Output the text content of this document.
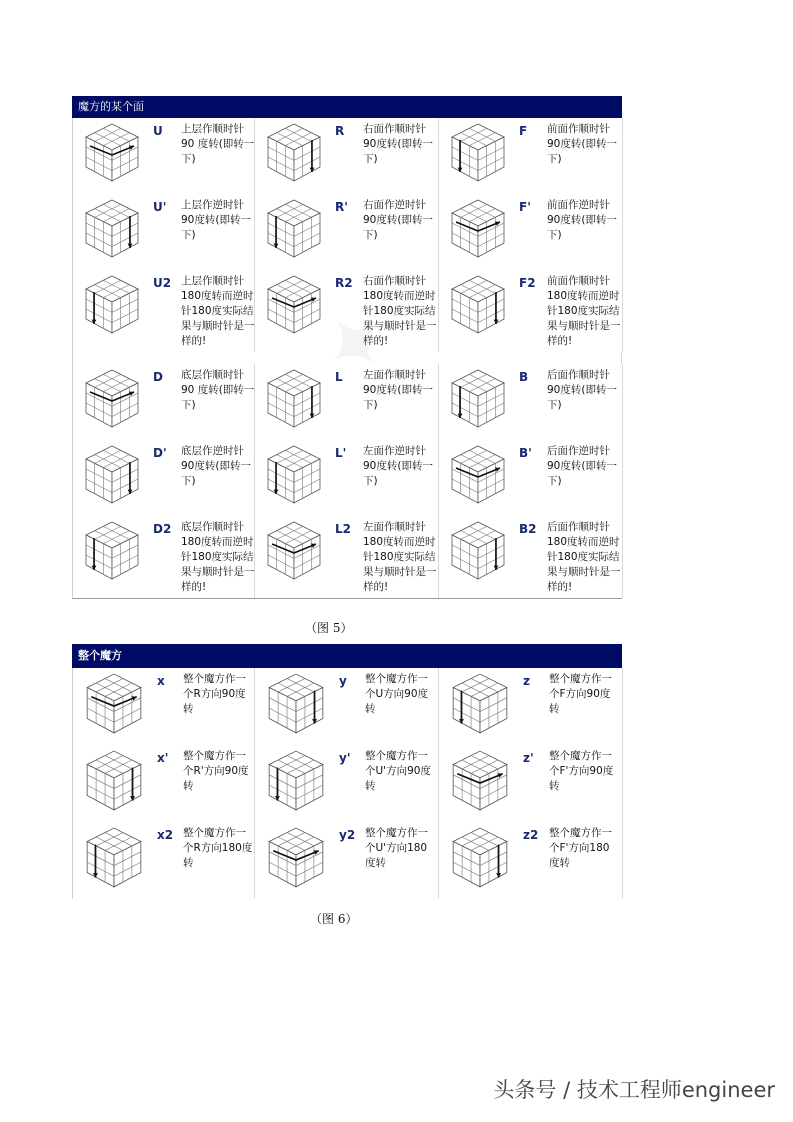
魔方的某个面
U 上层作顺时针90 度转(即转一下)
R 右面作顺时针90度转(即转一下)
F 前面作顺时针90度转(即转一下)
U' 上层作逆时针90度转(即转一下)
R' 右面作逆时针90度转(即转一下)
F' 前面作逆时针90度转(即转一下)
U2 上层作顺时针180度转而逆时针180度实际结果与顺时针是一样的!
R2 右面作顺时针180度转而逆时针180度实际结果与顺时针是一样的!
F2 前面作顺时针180度转而逆时针180度实际结果与顺时针是一样的!
D 底层作顺时针90 度转(即转一下)
L 左面作顺时针90度转(即转一下)
B 后面作顺时针90度转(即转一下)
D' 底层作逆时针90度转(即转一下)
L' 左面作逆时针90度转(即转一下)
B' 后面作逆时针90度转(即转一下)
D2 底层作顺时针180度转而逆时针180度实际结果与顺时针是一样的!
L2 左面作顺时针180度转而逆时针180度实际结果与顺时针是一样的!
B2 后面作顺时针180度转而逆时针180度实际结果与顺时针是一样的!
（图 5）
整个魔方
x 整个魔方作一个R方向90度转
y 整个魔方作一个U方向90度转
z 整个魔方作一个F方向90度转
x' 整个魔方作一个R'方向90度转
y' 整个魔方作一个U'方向90度转
z' 整个魔方作一个F'方向90度转
x2 整个魔方作一个R方向180度转
y2 整个魔方作一个U'方向180度转
z2 整个魔方作一个F'方向180度转
（图 6）
头条号 / 技术工程师engineer
